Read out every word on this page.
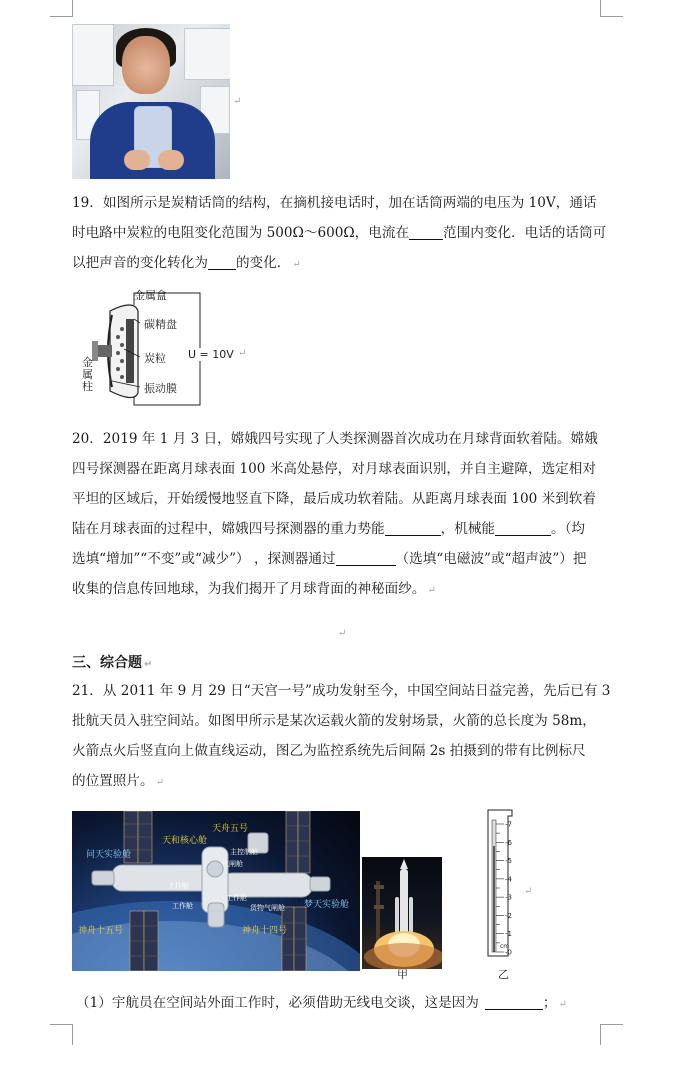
↵
19．如图所示是炭精话筒的结构，在摘机接电话时，加在话筒两端的电压为 10V，通话
时电路中炭粒的电阻变化范围为 500Ω～600Ω，电流在	范围内变化．电话的话筒可
以把声音的变化转化为 的变化． ↵
金属盒
碳精盘
炭粒
振动膜
U = 10V
金属柱
↵
20．2019 年 1 月 3 日，嫦娥四号实现了人类探测器首次成功在月球背面软着陆。嫦娥
四号探测器在距离月球表面 100 米高处悬停，对月球表面识别，并自主避障，选定相对
平坦的区域后，开始缓慢地竖直下降，最后成功软着陆。从距离月球表面 100 米到软着
陆在月球表面的过程中，嫦娥四号探测器的重力势能	，机械能	。（均
选填“增加”“不变”或“减少”） ，探测器通过	（选填“电磁波”或“超声波”）把
收集的信息传回地球，为我们揭开了月球背面的神秘面纱。 ↵
↵
三、综合题 ↵
21．从 2011 年 9 月 29 日“天宫一号”成功发射至今，中国空间站日益完善，先后已有 3
批航天员入驻空间站。如图甲所示是某次运载火箭的发射场景，火箭的总长度为 58m，
火箭点火后竖直向上做直线运动，图乙为监控系统先后间隔 2s 拍摄到的带有比例标尺
的位置照片。 ↵
天和核心舱
天舟五号
问天实验舱
梦天实验舱
神舟十五号	神舟十四号
主控制舱
工作舱
气闸舱
工作舱
货物气闸舱
工作舱
-0
-1
-2
-3
-4
-5
-6
-7
cm
↵
甲	乙
（1）宇航员在空间站外面工作时，必须借助无线电交谈，这是因为	； ↵
